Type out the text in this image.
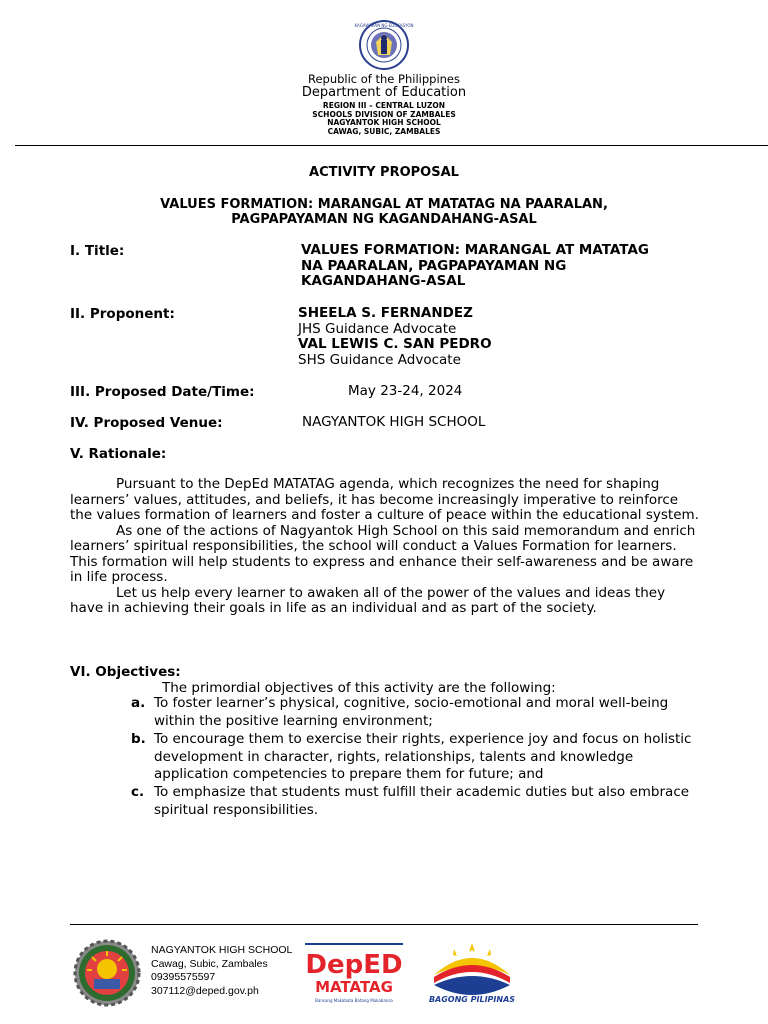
KAGAWARAN NG EDUKASYON
Republic of the Philippines
Department of Education
REGION III – CENTRAL LUZON
SCHOOLS DIVISION OF ZAMBALES
NAGYANTOK HIGH SCHOOL
CAWAG, SUBIC, ZAMBALES
ACTIVITY PROPOSAL
VALUES FORMATION: MARANGAL AT MATATAG NA PAARALAN,
PAGPAPAYAMAN NG KAGANDAHANG-ASAL
I. Title:	VALUES FORMATION: MARANGAL AT MATATAG
NA PAARALAN, PAGPAPAYAMAN NG
KAGANDAHANG-ASAL
II. Proponent:	SHEELA S. FERNANDEZ
JHS Guidance Advocate
VAL LEWIS C. SAN PEDRO
SHS Guidance Advocate
III. Proposed Date/Time:	May 23-24, 2024
IV. Proposed Venue:	NAGYANTOK HIGH SCHOOL
V. Rationale:
Pursuant to the DepEd MATATAG agenda, which recognizes the need for shaping learners’ values, attitudes, and beliefs, it has become increasingly imperative to reinforce the values formation of learners and foster a culture of peace within the educational system.
As one of the actions of Nagyantok High School on this said memorandum and enrich learners’ spiritual responsibilities, the school will conduct a Values Formation for learners. This formation will help students to express and enhance their self-awareness and be aware in life process.
Let us help every learner to awaken all of the power of the values and ideas they have in achieving their goals in life as an individual and as part of the society.
VI. Objectives:
The primordial objectives of this activity are the following:
a. To foster learner’s physical, cognitive, socio-emotional and moral well-being within the positive learning environment;
b. To encourage them to exercise their rights, experience joy and focus on holistic development in character, rights, relationships, talents and knowledge application competencies to prepare them for future; and
c. To emphasize that students must fulfill their academic duties but also embrace spiritual responsibilities.
NAGYANTOK HIGH SCHOOL
Cawag, Subic, Zambales
09395575597
307112@deped.gov.ph
DepED
MATATAG
Bansang Makabata Batang Makabansa	BAGONG PILIPINAS
